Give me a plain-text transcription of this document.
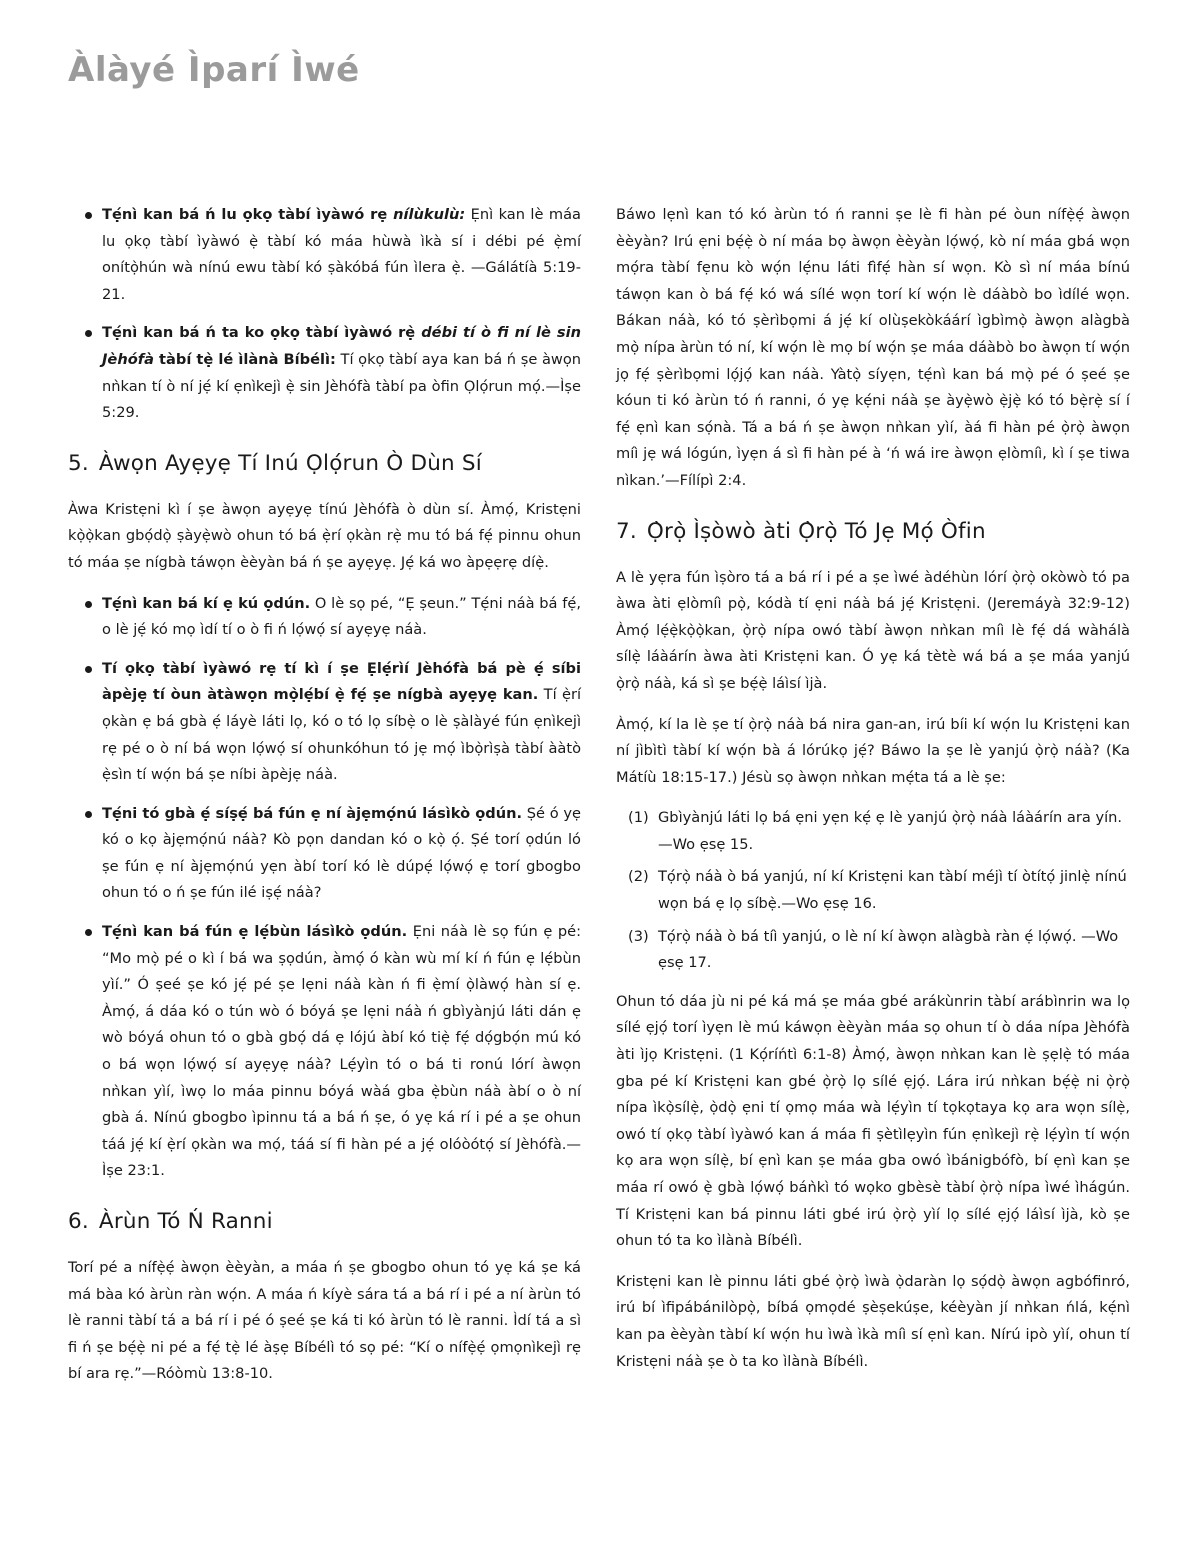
Àlàyé Ìparí Ìwé
Tẹ́nì kan bá ń lu ọkọ tàbí ìyàwó rẹ nílùkulù: Ẹnì kan lè máa lu ọkọ tàbí ìyàwó ẹ̀ tàbí kó máa hùwà ìkà sí i débi pé ẹ̀mí onítọ̀hún wà nínú ewu tàbí kó ṣàkóbá fún ìlera ẹ̀. —Gálátíà 5:19-21.
Tẹ́nì kan bá ń ta ko ọkọ tàbí ìyàwó rẹ̀ débi tí ò fi ní lè sin Jèhófà tàbí tẹ̀ lé ìlànà Bíbélì: Tí ọkọ tàbí aya kan bá ń ṣe àwọn nǹkan tí ò ní jẹ́ kí ẹnìkejì ẹ̀ sin Jèhófà tàbí pa òfin Ọlọ́run mọ́.—Ìṣe 5:29.
5. Àwọn Ayẹyẹ Tí Inú Ọlọ́run Ò Dùn Sí

Àwa Kristẹni kì í ṣe àwọn ayẹyẹ tínú Jèhófà ò dùn sí. Àmọ́, Kristẹni kọ̀ọ̀kan gbọ́dọ̀ ṣàyẹ̀wò ohun tó bá ẹ̀rí ọkàn rẹ̀ mu tó bá fẹ́ pinnu ohun tó máa ṣe nígbà táwọn èèyàn bá ń ṣe ayẹyẹ. Jẹ́ ká wo àpẹẹrẹ díẹ̀.

Tẹ́nì kan bá kí ẹ kú ọdún. O lè sọ pé, “Ẹ ṣeun.” Tẹ́ni náà bá fẹ́, o lè jẹ́ kó mọ ìdí tí o ò fi ń lọ́wọ́ sí ayẹyẹ náà.
Tí ọkọ tàbí ìyàwó rẹ tí kì í ṣe Ẹlẹ́rìí Jèhófà bá pè ẹ́ síbi àpèjẹ tí òun àtàwọn mọ̀lẹ́bí ẹ̀ fẹ́ ṣe nígbà ayẹyẹ kan. Tí ẹ̀rí ọkàn ẹ bá gbà ẹ́ láyè láti lọ, kó o tó lọ síbẹ̀ o lè ṣàlàyé fún ẹnìkejì rẹ pé o ò ní bá wọn lọ́wọ́ sí ohunkóhun tó jẹ mọ́ ìbọ̀rìṣà tàbí ààtò ẹ̀sìn tí wọ́n bá ṣe níbi àpèjẹ náà.
Tẹ́ni tó gbà ẹ́ síṣẹ́ bá fún ẹ ní àjẹmọ́nú lásìkò ọdún. Ṣé ó yẹ kó o kọ àjẹmọ́nú náà? Kò pọn dandan kó o kọ̀ ọ́. Ṣé torí ọdún ló ṣe fún ẹ ní àjẹmọ́nú yẹn àbí torí kó lè dúpẹ́ lọ́wọ́ ẹ torí gbogbo ohun tó o ń ṣe fún ilé iṣẹ́ náà?
Tẹ́nì kan bá fún ẹ lẹ́bùn lásìkò ọdún. Ẹni náà lè sọ fún ẹ pé: “Mo mọ̀ pé o kì í bá wa ṣọdún, àmọ́ ó kàn wù mí kí ń fún ẹ lẹ́bùn yìí.” Ó ṣeé ṣe kó jẹ́ pé ṣe lẹni náà kàn ń fi ẹ̀mí ọ̀làwọ́ hàn sí ẹ. Àmọ́, á dáa kó o tún wò ó bóyá ṣe lẹni náà ń gbìyànjú láti dán ẹ wò bóyá ohun tó o gbà gbọ́ dá ẹ lójú àbí kó tiẹ̀ fẹ́ dọ́gbọ́n mú kó o bá wọn lọ́wọ́ sí ayẹyẹ náà? Lẹ́yìn tó o bá ti ronú lórí àwọn nǹkan yìí, ìwọ lo máa pinnu bóyá wàá gba ẹ̀bùn náà àbí o ò ní gbà á. Nínú gbogbo ìpinnu tá a bá ń ṣe, ó yẹ ká rí i pé a ṣe ohun táá jẹ́ kí ẹ̀rí ọkàn wa mọ́, táá sí fi hàn pé a jẹ́ olóòótọ́ sí Jèhófà.—Ìṣe 23:1.
6. Àrùn Tó Ń Ranni

Torí pé a nífẹ̀ẹ́ àwọn èèyàn, a máa ń ṣe gbogbo ohun tó yẹ ká ṣe ká má bàa kó àrùn ràn wọ́n. A máa ń kíyè sára tá a bá rí i pé a ní àrùn tó lè ranni tàbí tá a bá rí i pé ó ṣeé ṣe ká ti kó àrùn tó lè ranni. Ìdí tá a sì fi ń ṣe bẹ́ẹ̀ ni pé a fẹ́ tẹ̀ lé àṣẹ Bíbélì tó sọ pé: “Kí o nífẹ̀ẹ́ ọmọnìkejì rẹ bí ara rẹ.”—Róòmù 13:8-10.

Báwo lẹnì kan tó kó àrùn tó ń ranni ṣe lè fi hàn pé òun nífẹ̀ẹ́ àwọn èèyàn? Irú ẹni bẹ́ẹ̀ ò ní máa bọ àwọn èèyàn lọ́wọ́, kò ní máa gbá wọn mọ́ra tàbí fẹnu kò wọ́n lẹ́nu láti fìfẹ́ hàn sí wọn. Kò sì ní máa bínú táwọn kan ò bá fẹ́ kó wá sílé wọn torí kí wọ́n lè dáàbò bo ìdílé wọn. Bákan náà, kó tó ṣèrìbọmi á jẹ́ kí olùṣekòkáárí ìgbìmọ̀ àwọn alàgbà mọ̀ nípa àrùn tó ní, kí wọ́n lè mọ bí wọ́n ṣe máa dáàbò bo àwọn tí wọ́n jọ fẹ́ ṣèrìbọmi lọ́jọ́ kan náà. Yàtọ̀ síyẹn, tẹ́nì kan bá mọ̀ pé ó ṣeé ṣe kóun ti kó àrùn tó ń ranni, ó yẹ kẹ́ni náà ṣe àyẹ̀wò ẹ̀jẹ̀ kó tó bẹ̀rẹ̀ sí í fẹ́ ẹnì kan sọ́nà. Tá a bá ń ṣe àwọn nǹkan yìí, àá fi hàn pé ọ̀rọ̀ àwọn míì jẹ wá lógún, ìyẹn á sì fi hàn pé à ‘ń wá ire àwọn ẹlòmíì, kì í ṣe tiwa nìkan.’—Fílípì 2:4.

7. Ọ̀rọ̀ Ìṣòwò àti Ọ̀rọ̀ Tó Jẹ Mọ́ Òfin

A lè yẹra fún ìṣòro tá a bá rí i pé a ṣe ìwé àdéhùn lórí ọ̀rọ̀ okòwò tó pa àwa àti ẹlòmíì pọ̀, kódà tí ẹni náà bá jẹ́ Kristẹni. (Jeremáyà 32:9-12) Àmọ́ lẹ́ẹ̀kọ̀ọ̀kan, ọ̀rọ̀ nípa owó tàbí àwọn nǹkan míì lè fẹ́ dá wàhálà sílẹ̀ láàárín àwa àti Kristẹni kan. Ó yẹ ká tètè wá bá a ṣe máa yanjú ọ̀rọ̀ náà, ká sì ṣe bẹ́ẹ̀ láìsí ìjà.

Àmọ́, kí la lè ṣe tí ọ̀rọ̀ náà bá nira gan-an, irú bíi kí wọ́n lu Kristẹni kan ní jìbìtì tàbí kí wọ́n bà á lórúkọ jẹ́? Báwo la ṣe lè yanjú ọ̀rọ̀ náà? (Ka Mátíù 18:15-17.) Jésù sọ àwọn nǹkan mẹ́ta tá a lè ṣe:

(1) Gbìyànjú láti lọ bá ẹni yẹn kẹ́ ẹ lè yanjú ọ̀rọ̀ náà láàárín ara yín.—Wo ẹsẹ 15.
(2) Tọ́rọ̀ náà ò bá yanjú, ní kí Kristẹni kan tàbí méjì tí òtítọ́ jinlẹ̀ nínú wọn bá ẹ lọ síbẹ̀.—Wo ẹsẹ 16.
(3) Tọ́rọ̀ náà ò bá tíì yanjú, o lè ní kí àwọn alàgbà ràn ẹ́ lọ́wọ́. —Wo ẹsẹ 17.

Ohun tó dáa jù ni pé ká má ṣe máa gbé arákùnrin tàbí arábìnrin wa lọ sílé ẹjọ́ torí ìyẹn lè mú káwọn èèyàn máa sọ ohun tí ò dáa nípa Jèhófà àti ìjọ Kristẹni. (1 Kọ́ríńtì 6:1-8) Àmọ́, àwọn nǹkan kan lè ṣẹlẹ̀ tó máa gba pé kí Kristẹni kan gbé ọ̀rọ̀ lọ sílé ẹjọ́. Lára irú nǹkan bẹ́ẹ̀ ni ọ̀rọ̀ nípa ìkọ̀sílẹ̀, ọ̀dọ̀ ẹni tí ọmọ máa wà lẹ́yìn tí tọkọtaya kọ ara wọn sílẹ̀, owó tí ọkọ tàbí ìyàwó kan á máa fi ṣètìlẹyìn fún ẹnìkejì rẹ̀ lẹ́yìn tí wọ́n kọ ara wọn sílẹ̀, bí ẹnì kan ṣe máa gba owó ìbánigbófò, bí ẹnì kan ṣe máa rí owó ẹ̀ gbà lọ́wọ́ báǹkì tó wọko gbèsè tàbí ọ̀rọ̀ nípa ìwé ìhágún. Tí Kristẹni kan bá pinnu láti gbé irú ọ̀rọ̀ yìí lọ sílé ẹjọ́ láìsí ìjà, kò ṣe ohun tó ta ko ìlànà Bíbélì.

Kristẹni kan lè pinnu láti gbé ọ̀rọ̀ ìwà ọ̀daràn lọ sọ́dọ̀ àwọn agbófinró, irú bí ìfipábánilòpọ̀, bíbá ọmọdé ṣèṣekúṣe, kéèyàn jí nǹkan ńlá, kẹ́nì kan pa èèyàn tàbí kí wọ́n hu ìwà ìkà míì sí ẹnì kan. Nírú ipò yìí, ohun tí Kristẹni náà ṣe ò ta ko ìlànà Bíbélì.
